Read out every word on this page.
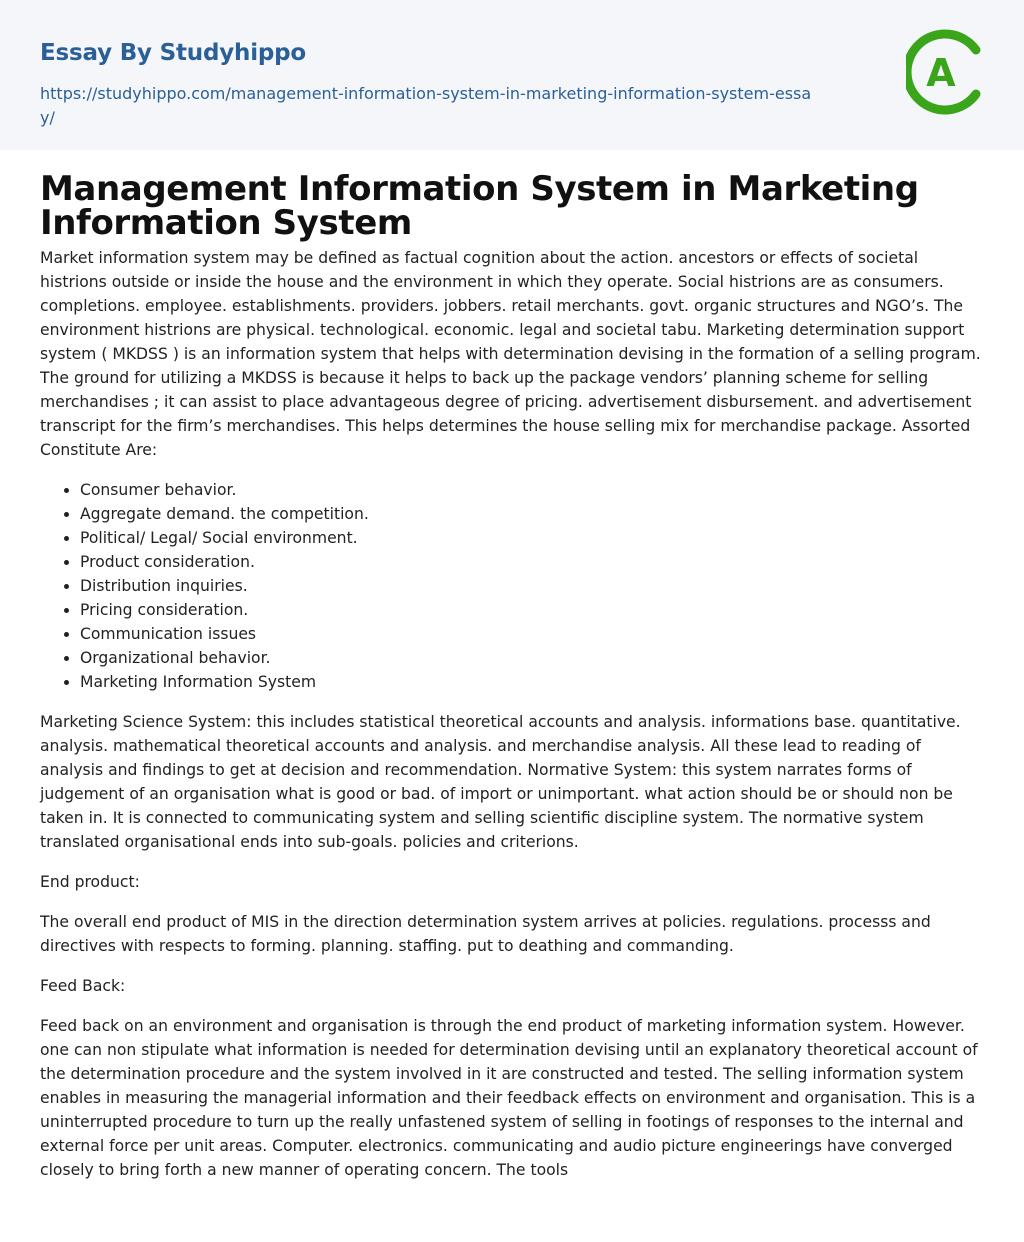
Essay By Studyhippo
https://studyhippo.com/management-information-system-in-marketing-information-system-essay/
A
Management Information System in Marketing Information System

Market information system may be defined as factual cognition about the action. ancestors or effects of societal histrions outside or inside the house and the environment in which they operate. Social histrions are as consumers. completions. employee. establishments. providers. jobbers. retail merchants. govt. organic structures and NGO’s. The environment histrions are physical. technological. economic. legal and societal tabu. Marketing determination support system ( MKDSS ) is an information system that helps with determination devising in the formation of a selling program. The ground for utilizing a MKDSS is because it helps to back up the package vendors’ planning scheme for selling merchandises ; it can assist to place advantageous degree of pricing. advertisement disbursement. and advertisement transcript for the firm’s merchandises. This helps determines the house selling mix for merchandise package. Assorted Constitute Are:

• Consumer behavior.
• Aggregate demand. the competition.
• Political/ Legal/ Social environment.
• Product consideration.
• Distribution inquiries.
• Pricing consideration.
• Communication issues
• Organizational behavior.
• Marketing Information System

Marketing Science System: this includes statistical theoretical accounts and analysis. informations base. quantitative. analysis. mathematical theoretical accounts and analysis. and merchandise analysis. All these lead to reading of analysis and findings to get at decision and recommendation. Normative System: this system narrates forms of judgement of an organisation what is good or bad. of import or unimportant. what action should be or should non be taken in. It is connected to communicating system and selling scientific discipline system. The normative system translated organisational ends into sub-goals. policies and criterions.

End product:

The overall end product of MIS in the direction determination system arrives at policies. regulations. processs and directives with respects to forming. planning. staffing. put to deathing and commanding.

Feed Back:

Feed back on an environment and organisation is through the end product of marketing information system. However. one can non stipulate what information is needed for determination devising until an explanatory theoretical account of the determination procedure and the system involved in it are constructed and tested. The selling information system enables in measuring the managerial information and their feedback effects on environment and organisation. This is a uninterrupted procedure to turn up the really unfastened system of selling in footings of responses to the internal and external force per unit areas. Computer. electronics. communicating and audio picture engineerings have converged closely to bring forth a new manner of operating concern. The tools
